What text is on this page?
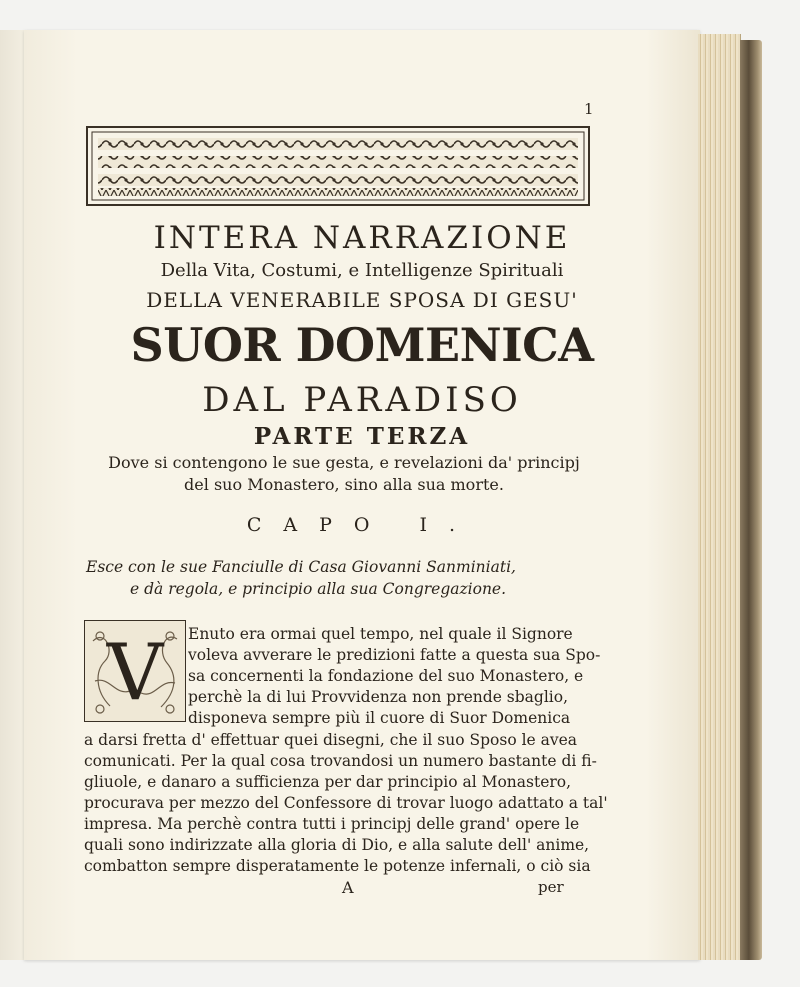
1
INTERA NARRAZIONE
Della Vita, Costumi, e Intelligenze Spirituali
DELLA VENERABILE SPOSA DI GESU'
SUOR DOMENICA
DAL PARADISO
PARTE TERZA
Dove si contengono le sue gesta, e revelazioni da' principj
del suo Monastero, sino alla sua morte.
CAPO I.
Esce con le sue Fanciulle di Casa Giovanni Sanminiati,
e dà regola, e principio alla sua Congregazione.
V Enuto era ormai quel tempo, nel quale il Signore
voleva avverare le predizioni fatte a questa sua Spo-
sa concernenti la fondazione del suo Monastero, e
perchè la di lui Provvidenza non prende sbaglio,
disponeva sempre più il cuore di Suor Domenica
a darsi fretta d' effettuar quei disegni, che il suo Sposo le avea
comunicati. Per la qual cosa trovandosi un numero bastante di fi-
gliuole, e danaro a sufficienza per dar principio al Monastero,
procurava per mezzo del Confessore di trovar luogo adattato a tal'
impresa. Ma perchè contra tutti i principj delle grand' opere le
quali sono indirizzate alla gloria di Dio, e alla salute dell' anime,
combatton sempre disperatamente le potenze infernali, o ciò sia
A	per
